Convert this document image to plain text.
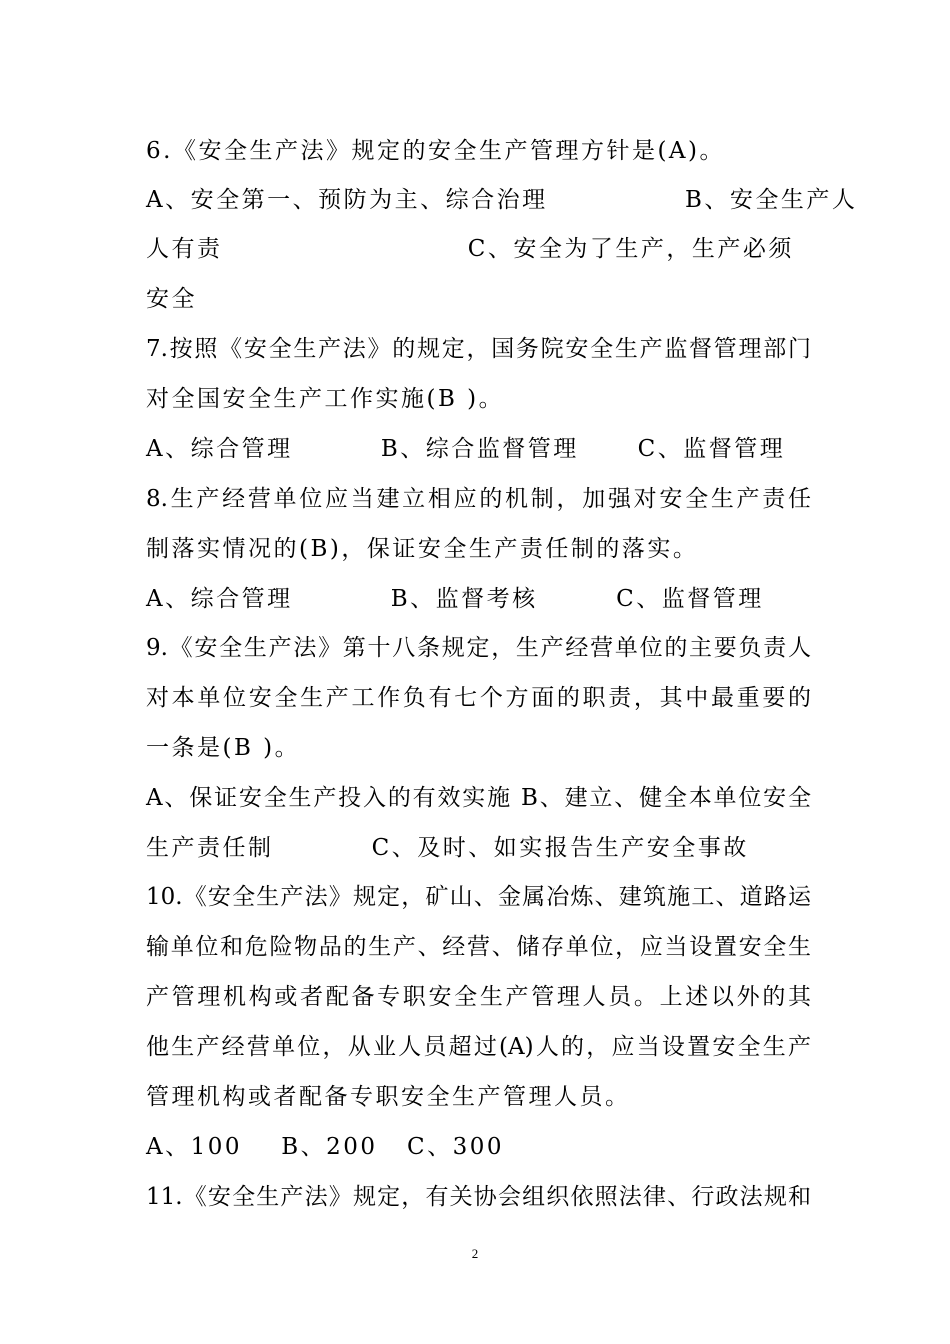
6.《安全生产法》规定的安全生产管理方针是(A)。
A、安全第一、预防为主、综合治理              B、安全生产人
人有责                         C、安全为了生产，生产必须
安全
7.按照《安全生产法》的规定，国务院安全生产监督管理部门
对全国安全生产工作实施(B )。
A、综合管理         B、综合监督管理      C、监督管理
8.生产经营单位应当建立相应的机制，加强对安全生产责任
制落实情况的(B)，保证安全生产责任制的落实。
A、综合管理          B、监督考核        C、监督管理
9.《安全生产法》第十八条规定，生产经营单位的主要负责人
对本单位安全生产工作负有七个方面的职责，其中最重要的
一条是(B )。
A、保证安全生产投入的有效实施 B、建立、健全本单位安全
生产责任制          C、及时、如实报告生产安全事故
10.《安全生产法》规定，矿山、金属冶炼、建筑施工、道路运
输单位和危险物品的生产、经营、储存单位，应当设置安全生
产管理机构或者配备专职安全生产管理人员。上述以外的其
他生产经营单位，从业人员超过(A)人的，应当设置安全生产
管理机构或者配备专职安全生产管理人员。
A、100    B、200   C、300
11.《安全生产法》规定，有关协会组织依照法律、行政法规和
2
